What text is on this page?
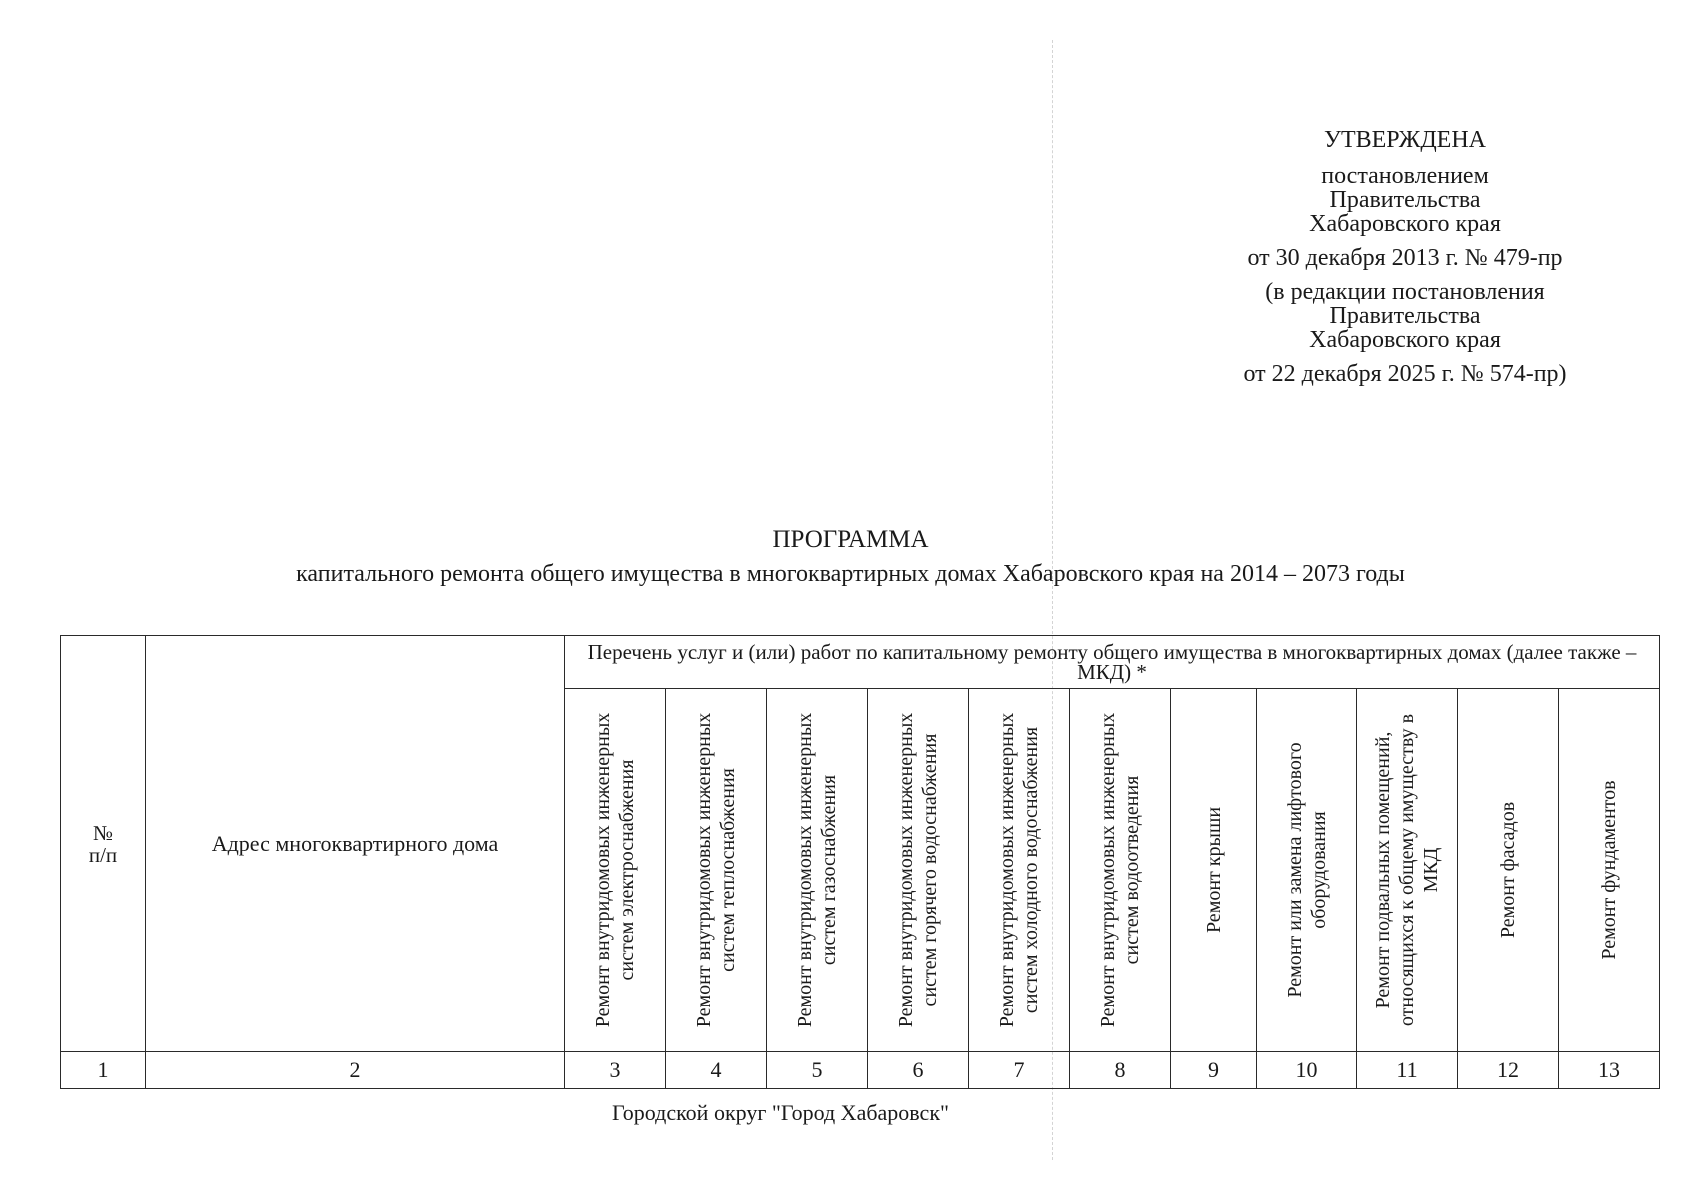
УТВЕРЖДЕНА
постановлением
Правительства
Хабаровского края
от 30 декабря 2013 г. № 479-пр
(в редакции постановления
Правительства
Хабаровского края
от 22 декабря 2025 г. № 574-пр)
ПРОГРАММА
капитального ремонта общего имущества в многоквартирных домах Хабаровского края на 2014 – 2073 годы
№
п/п	Адрес многоквартирного дома	Перечень услуг и (или) работ по капитальному ремонту общего имущества в многоквартирных домах (далее также – МКД) *										

		Ремонт внутридомовых инженерных систем электроснабжения	Ремонт внутридомовых инженерных систем теплоснабжения	Ремонт внутридомовых инженерных систем газоснабжения	Ремонт внутридомовых инженерных систем горячего водоснабжения	Ремонт внутридомовых инженерных систем холодного водоснабжения	Ремонт внутридомовых инженерных систем водоотведения	Ремонт крыши	Ремонт или замена лифтового оборудования	Ремонт подвальных помещений, относящихся к общему имуществу в МКД	Ремонт фасадов	Ремонт фундаментов

1	2	3	4	5	6	7	8	9	10	11	12	13
Городской округ "Город Хабаровск"
